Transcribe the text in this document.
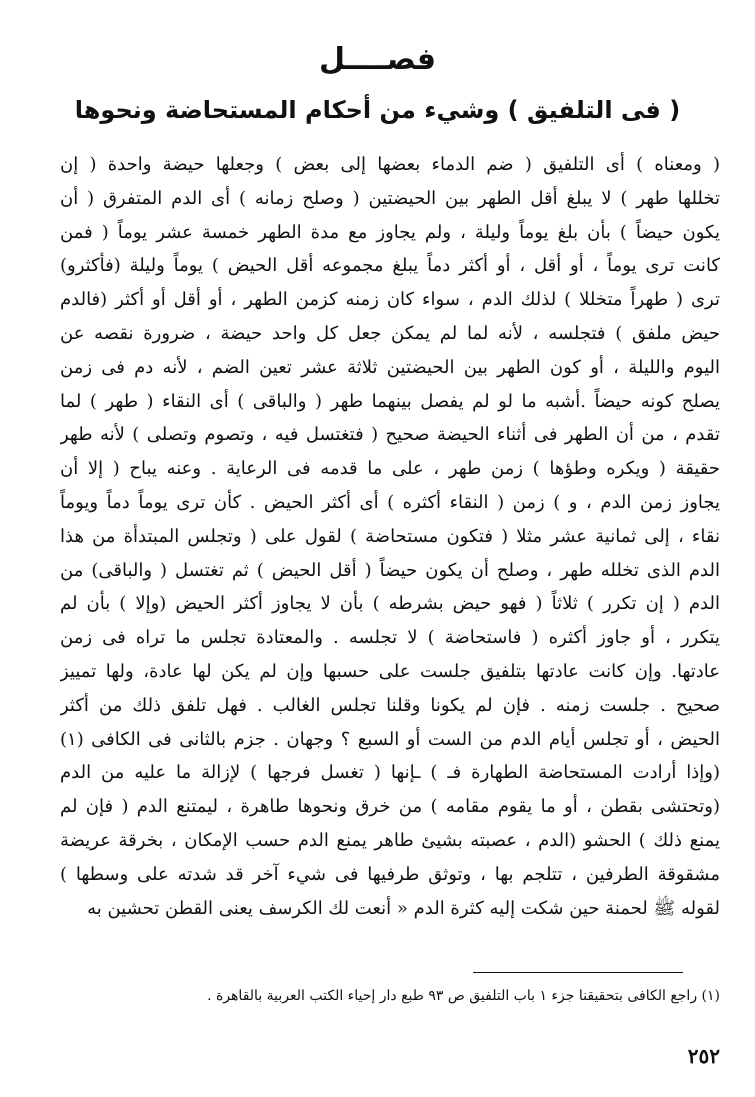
فصــــل
( فى التلفيق ) وشيء من أحكام المستحاضة ونحوها
( ومعناه ) أى التلفيق ( ضم الدماء بعضها إلى بعض ) وجعلها حيضة واحدة ( إن
تخللها طهر ) لا يبلغ أقل الطهر بين الحيضتين ( وصلح زمانه ) أى الدم المتفرق ( أن
يكون حيضاً ) بأن بلغ يوماً وليلة ، ولم يجاوز مع مدة الطهر خمسة عشر يوماً ( فمن
كانت ترى يوماً ، أو أقل ، أو أكثر دماً يبلغ مجموعه أقل الحيض ) يوماً وليلة (فأكثرو)
ترى ( طهراً متخللا ) لذلك الدم ، سواء كان زمنه كزمن الطهر ، أو أقل أو أكثر (فالدم
حيض ملفق ) فتجلسه ، لأنه لما لم يمكن جعل كل واحد حيضة ، ضرورة نقصه عن
اليوم والليلة ، أو كون الطهر بين الحيضتين ثلاثة عشر تعين الضم ، لأنه دم فى زمن
يصلح كونه حيضاً .أشبه ما لو لم يفصل بينهما طهر ( والباقى ) أى النقاء ( طهر ) لما
تقدم ، من أن الطهر فى أثناء الحيضة صحيح ( فتغتسل فيه ، وتصوم وتصلى ) لأنه طهر
حقيقة ( ويكره وطؤها ) زمن طهر ، على ما قدمه فى الرعاية . وعنه يباح ( إلا أن
يجاوز زمن الدم ، و ) زمن ( النقاء أكثره ) أى أكثر الحيض . كأن ترى يوماً دماً ويوماً
نقاء ، إلى ثمانية عشر مثلا ( فتكون مستحاضة ) لقول على ( وتجلس المبتدأة من هذا
الدم الذى تخلله طهر ، وصلح أن يكون حيضاً ( أقل الحيض ) ثم تغتسل ( والباقى) من
الدم ( إن تكرر ) ثلاثاً ( فهو حيض بشرطه ) بأن لا يجاوز أكثر الحيض (وإلا ) بأن لم
يتكرر ، أو جاوز أكثره ( فاستحاضة ) لا تجلسه . والمعتادة تجلس ما تراه فى زمن
عادتها. وإن كانت عادتها بتلفيق جلست على حسبها وإن لم يكن لها عادة، ولها تمييز
صحيح . جلست زمنه . فإن لم يكونا وقلنا تجلس الغالب . فهل تلفق ذلك من أكثر
الحيض ، أو تجلس أيام الدم من الست أو السبع ؟ وجهان . جزم بالثانى فى الكافى (١)
(وإذا أرادت المستحاضة الطهارة فـ ) ـإنها ( تغسل فرجها ) لإزالة ما عليه من الدم
(وتحتشى بقطن ، أو ما يقوم مقامه ) من خرق ونحوها طاهرة ، ليمتنع الدم ( فإن لم
يمنع ذلك ) الحشو (الدم ، عصبته بشيئ طاهر يمنع الدم حسب الإمكان ، بخرقة عريضة
مشقوقة الطرفين ، تتلجم بها ، وتوثق طرفيها فى شيء آخر قد شدته على وسطها )
لقوله ﷺ لحمنة حين شكت إليه كثرة الدم « أنعت لك الكرسف يعنى القطن تحشين به
(١) راجع الكافى بتحقيقنا جزء ١ باب التلفيق ص ٩٣ طبع دار إحياء الكتب العربية بالقاهرة .
٢٥٢
